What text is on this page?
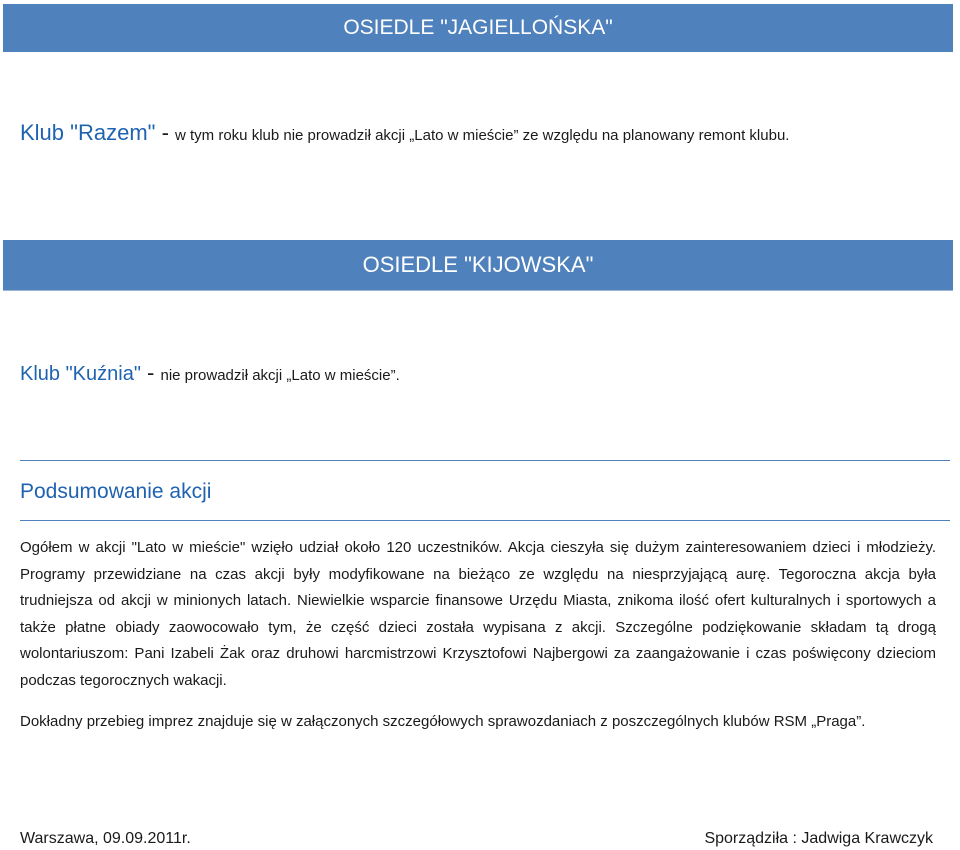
OSIEDLE "JAGIELLOŃSKA"
Klub "Razem" - w tym roku klub nie prowadził akcji „Lato w mieście” ze względu na planowany remont klubu.
OSIEDLE "KIJOWSKA"
Klub "Kuźnia" - nie prowadził akcji „Lato w mieście”.
Podsumowanie akcji
Ogółem w akcji "Lato w mieście" wzięło udział około 120 uczestników. Akcja cieszyła się dużym zainteresowaniem dzieci i młodzieży. Programy przewidziane na czas akcji były modyfikowane na bieżąco ze względu na niesprzyjającą aurę. Tegoroczna akcja była trudniejsza od akcji w minionych latach. Niewielkie wsparcie finansowe Urzędu Miasta, znikoma ilość ofert kulturalnych i sportowych a także płatne obiady zaowocowało tym, że część dzieci została wypisana z akcji. Szczególne podziękowanie składam tą drogą wolontariuszom: Pani Izabeli Żak oraz druhowi harcmistrzowi Krzysztofowi Najbergowi za zaangażowanie i czas poświęcony dzieciom podczas tegorocznych wakacji.
Dokładny przebieg imprez znajduje się w załączonych szczegółowych sprawozdaniach z poszczególnych klubów RSM „Praga”.
Warszawa, 09.09.2011r.	Sporządziła : Jadwiga Krawczyk
